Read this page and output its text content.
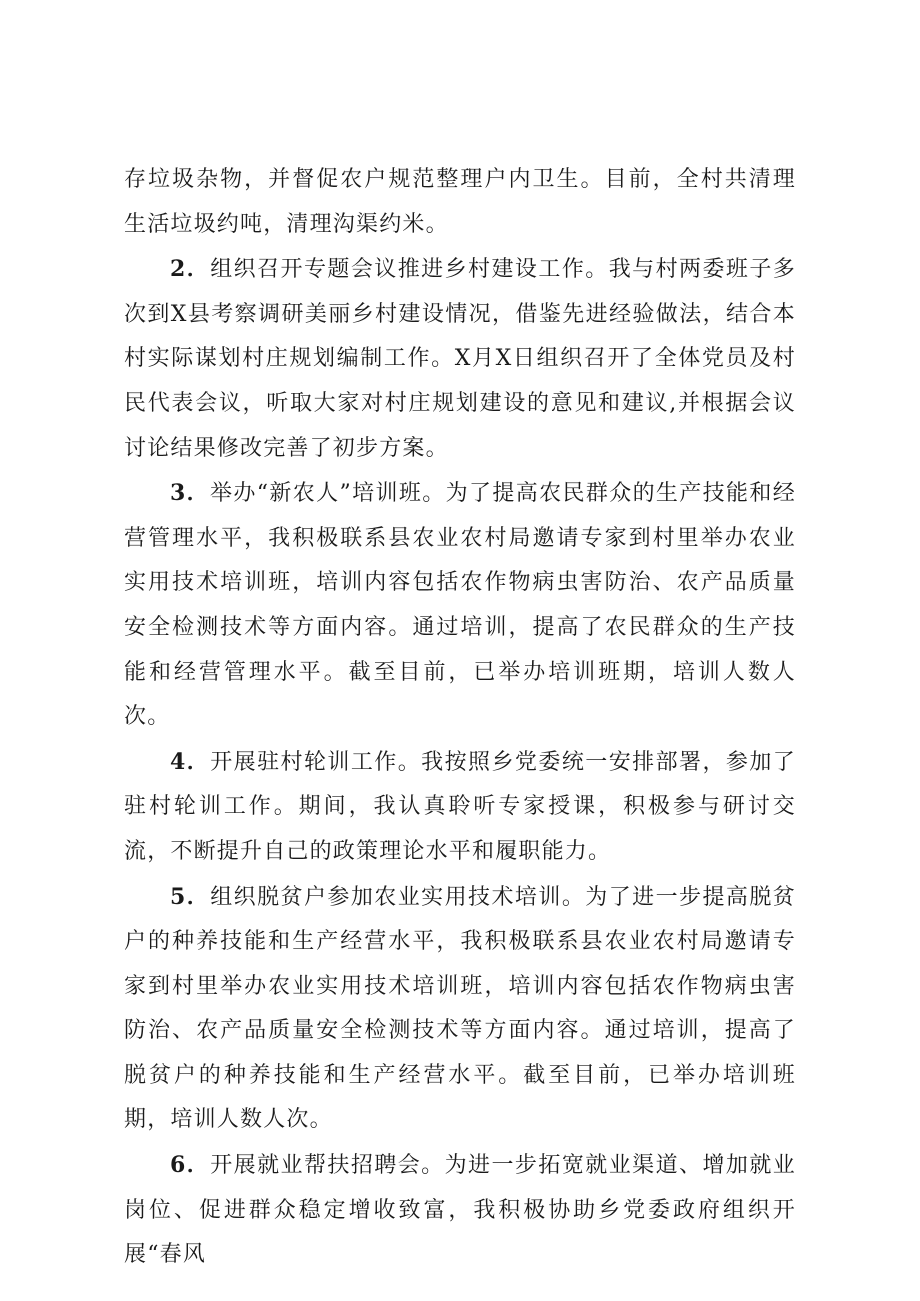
存垃圾杂物，并督促农户规范整理户内卫生。目前，全村共清理生活垃圾约吨，清理沟渠约米。

2．组织召开专题会议推进乡村建设工作。我与村两委班子多次到X县考察调研美丽乡村建设情况，借鉴先进经验做法，结合本村实际谋划村庄规划编制工作。X月X日组织召开了全体党员及村民代表会议，听取大家对村庄规划建设的意见和建议,并根据会议讨论结果修改完善了初步方案。

3．举办“新农人”培训班。为了提高农民群众的生产技能和经营管理水平，我积极联系县农业农村局邀请专家到村里举办农业实用技术培训班，培训内容包括农作物病虫害防治、农产品质量安全检测技术等方面内容。通过培训，提高了农民群众的生产技能和经营管理水平。截至目前，已举办培训班期，培训人数人次。

4．开展驻村轮训工作。我按照乡党委统一安排部署，参加了驻村轮训工作。期间，我认真聆听专家授课，积极参与研讨交流，不断提升自己的政策理论水平和履职能力。

5．组织脱贫户参加农业实用技术培训。为了进一步提高脱贫户的种养技能和生产经营水平，我积极联系县农业农村局邀请专家到村里举办农业实用技术培训班，培训内容包括农作物病虫害防治、农产品质量安全检测技术等方面内容。通过培训，提高了脱贫户的种养技能和生产经营水平。截至目前，已举办培训班期，培训人数人次。

6．开展就业帮扶招聘会。为进一步拓宽就业渠道、增加就业岗位、促进群众稳定增收致富，我积极协助乡党委政府组织开展“春风
